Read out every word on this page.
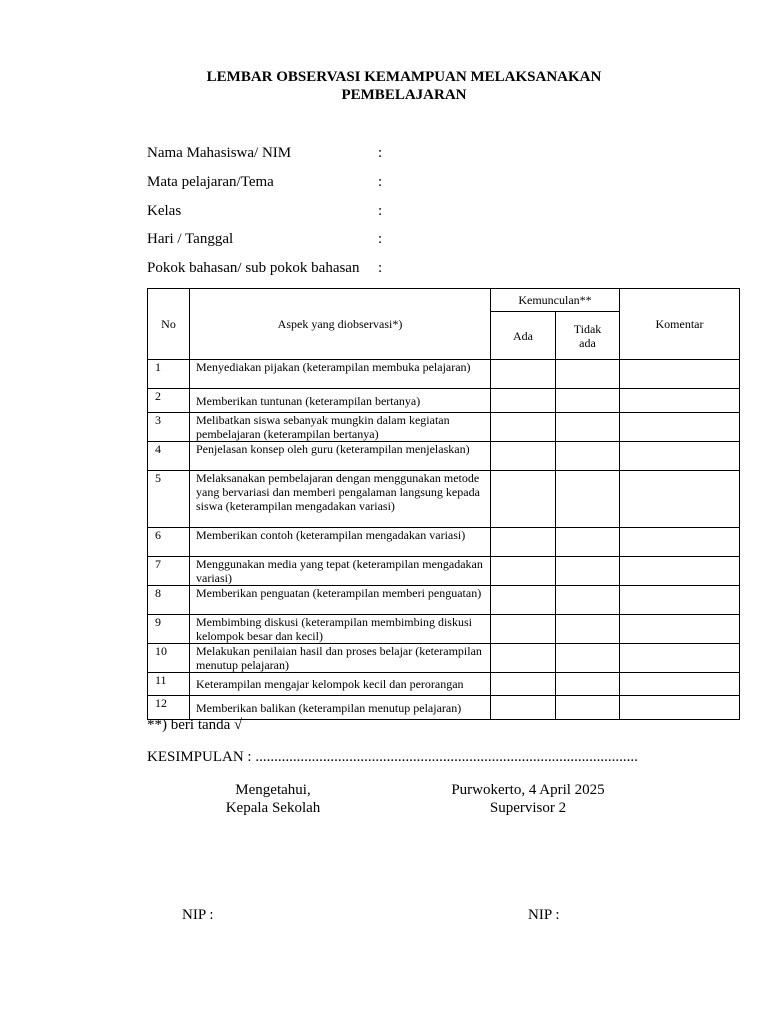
LEMBAR OBSERVASI KEMAMPUAN MELAKSANAKAN
PEMBELAJARAN
Nama Mahasiswa/ NIM	:
Mata pelajaran/Tema	:
Kelas	:
Hari / Tanggal	:
Pokok bahasan/ sub pokok bahasan :
No	Aspek yang diobservasi*)	Kemunculan**		Komentar
		Ada	Tidak ada	
1	Menyediakan pijakan (keterampilan membuka pelajaran)			
2	Memberikan tuntunan (keterampilan bertanya)			
3	Melibatkan siswa sebanyak mungkin dalam kegiatan pembelajaran (keterampilan bertanya)			
4	Penjelasan konsep oleh guru (keterampilan menjelaskan)			
5	Melaksanakan pembelajaran dengan menggunakan metode yang bervariasi dan memberi pengalaman langsung kepada siswa (keterampilan mengadakan variasi)			
6	Memberikan contoh (keterampilan mengadakan variasi)			
7	Menggunakan media yang tepat (keterampilan mengadakan variasi)			
8	Memberikan penguatan (keterampilan memberi penguatan)			
9	Membimbing diskusi (keterampilan membimbing diskusi kelompok besar dan kecil)			
10	Melakukan penilaian hasil dan proses belajar (keterampilan menutup pelajaran)			
11	Keterampilan mengajar kelompok kecil dan perorangan			
12	Memberikan balikan (keterampilan menutup pelajaran)			
**) beri tanda √
KESIMPULAN : ......................................................................................................
Mengetahui,
Kepala Sekolah
Purwokerto, 4 April 2025
Supervisor 2
NIP :	NIP :
